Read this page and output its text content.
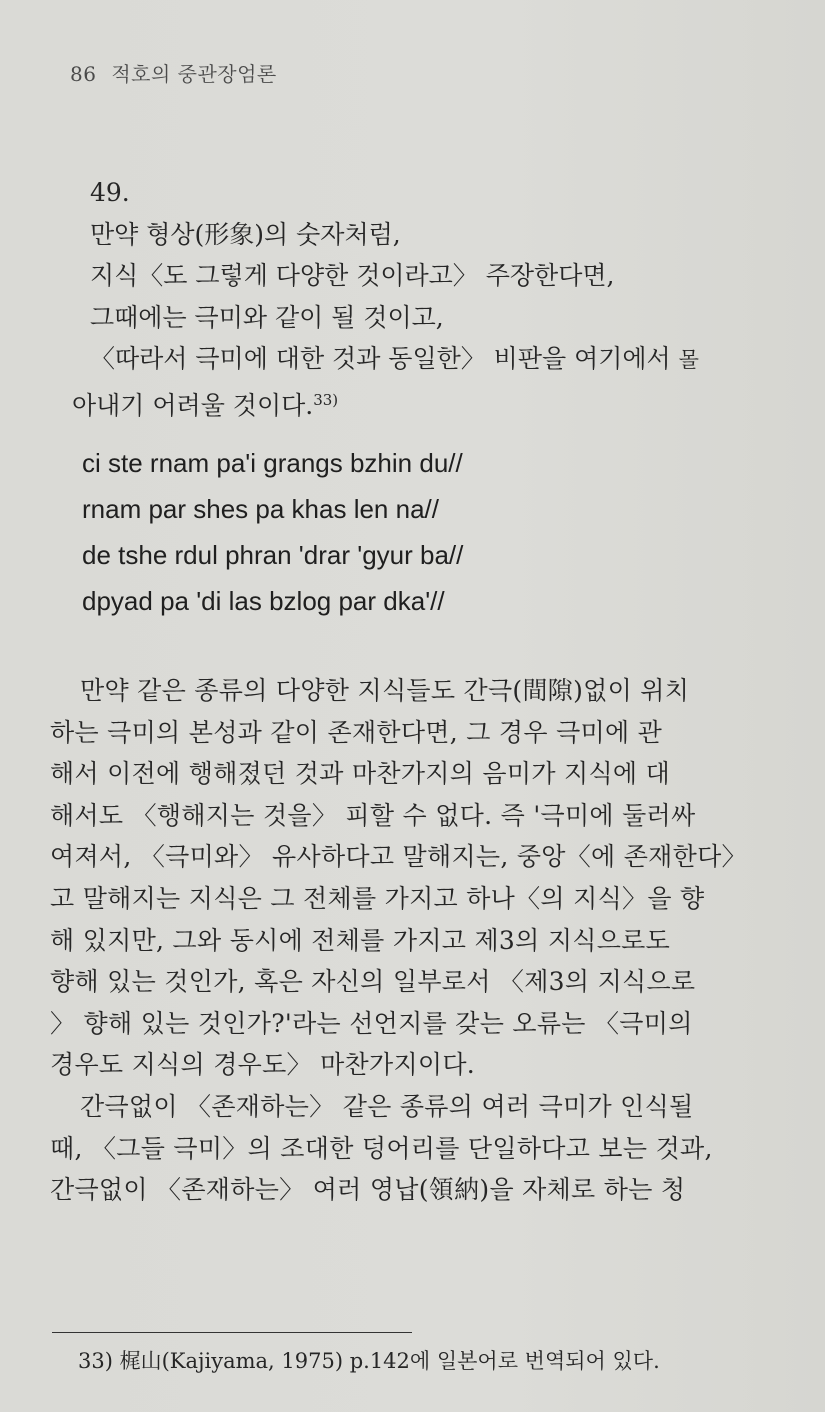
86 적호의 중관장엄론
49.
만약 형상(形象)의 숫자처럼,
지식〈도 그렇게 다양한 것이라고〉 주장한다면,
그때에는 극미와 같이 될 것이고,
〈따라서 극미에 대한 것과 동일한〉 비판을 여기에서 몰
아내기 어려울 것이다.$^{33)}$
ci ste rnam pa'i grangs bzhin du//
rnam par shes pa khas len na//
de tshe rdul phran 'drar 'gyur ba//
dpyad pa 'di las bzlog par dka'//
만약 같은 종류의 다양한 지식들도 간극(間隙)없이 위치
하는 극미의 본성과 같이 존재한다면, 그 경우 극미에 관
해서 이전에 행해졌던 것과 마찬가지의 음미가 지식에 대
해서도 〈행해지는 것을〉 피할 수 없다. 즉 '극미에 둘러싸
여져서, 〈극미와〉 유사하다고 말해지는, 중앙〈에 존재한다〉
고 말해지는 지식은 그 전체를 가지고 하나〈의 지식〉을 향
해 있지만, 그와 동시에 전체를 가지고 제3의 지식으로도
향해 있는 것인가, 혹은 자신의 일부로서 〈제3의 지식으로
〉 향해 있는 것인가?'라는 선언지를 갖는 오류는 〈극미의
경우도 지식의 경우도〉 마찬가지이다.
간극없이 〈존재하는〉 같은 종류의 여러 극미가 인식될
때, 〈그들 극미〉의 조대한 덩어리를 단일하다고 보는 것과,
간극없이 〈존재하는〉 여러 영납(領納)을 자체로 하는 청
33) 梶山(Kajiyama, 1975) p.142에 일본어로 번역되어 있다.
